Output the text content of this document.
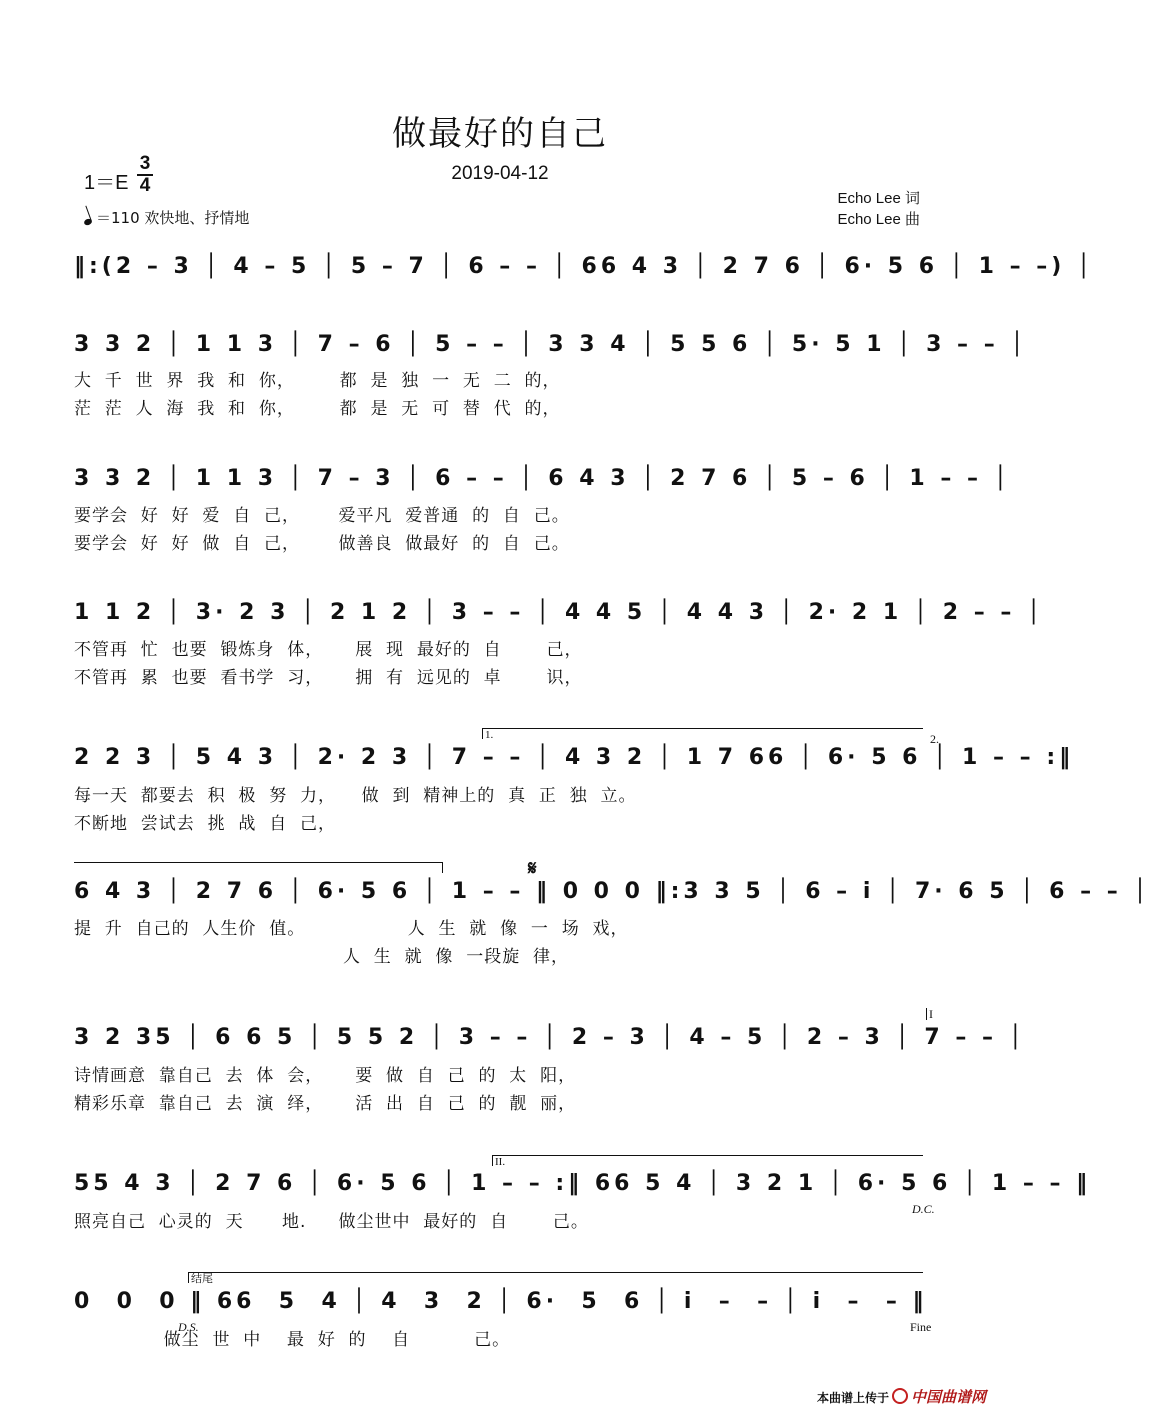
做最好的自己
2019-04-12
1＝E
3
4
＝110 欢快地、抒情地
Echo Lee 词
Echo Lee 曲
‖:(2 – 3 │ 4 – 5 │ 5 – 7 │ 6 – – │ 66 4 3 │ 2 7 6 │ 6· 5 6 │ 1 – –) │
3 3 2 │ 1 1 3 │ 7 – 6 │ 5 – – │ 3 3 4 │ 5 5 6 │ 5· 5 1 │ 3 – – │
大  千  世  界  我  和  你，       都  是  独  一  无  二  的，
茫  茫  人  海  我  和  你，       都  是  无  可  替  代  的，
3 3 2 │ 1 1 3 │ 7 – 3 │ 6 – – │ 6 4 3 │ 2 7 6 │ 5 – 6 │ 1 – – │
要学会  好  好  爱  自  己，      爱平凡  爱普通  的  自  己。
要学会  好  好  做  自  己，      做善良  做最好  的  自  己。
1 1 2 │ 3· 2 3 │ 2 1 2 │ 3 – – │ 4 4 5 │ 4 4 3 │ 2· 2 1 │ 2 – – │
不管再  忙  也要  锻炼身  体，     展  现  最好的  自       己，
不管再  累  也要  看书学  习，     拥  有  远见的  卓       识，
1.	2.
2 2 3 │ 5 4 3 │ 2· 2 3 │ 7 – – │ 4 3 2 │ 1 7 66 │ 6· 5 6 │ 1 – – :‖
每一天  都要去  积  极  努  力，    做  到  精神上的  真  正  独  立。
不断地  尝试去  挑  战  自  己，
𝄋
6 4 3 │ 2 7 6 │ 6· 5 6 │ 1 – – ‖ 0 0 0 ‖:3 3 5 │ 6 – i │ 7· 6 5 │ 6 – – │
提  升  自己的  人生价  值。                人  生  就  像  一  场  戏，
人  生  就  像  一段旋  律，
I
3 2 35 │ 6 6 5 │ 5 5 2 │ 3 – – │ 2 – 3 │ 4 – 5 │ 2 – 3 │ 7 – – │
诗情画意  靠自己  去  体  会，     要  做  自  己  的  太  阳，
精彩乐章  靠自己  去  演  绎，     活  出  自  己  的  靓  丽，
II.
55 4 3 │ 2 7 6 │ 6· 5 6 │ 1 – – :‖ 66 5 4 │ 3 2 1 │ 6· 5 6 │ 1 – – ‖
D.C.
照亮自己  心灵的  天      地.     做尘世中  最好的  自       己。
结尾
0  0  0 ‖ 66  5  4 │ 4  3  2 │ 6·  5  6 │ i  –  – │ i  –  – ‖
D.S.	Fine
做尘  世  中    最  好  的    自          己。
本曲谱上传于 中国曲谱网
